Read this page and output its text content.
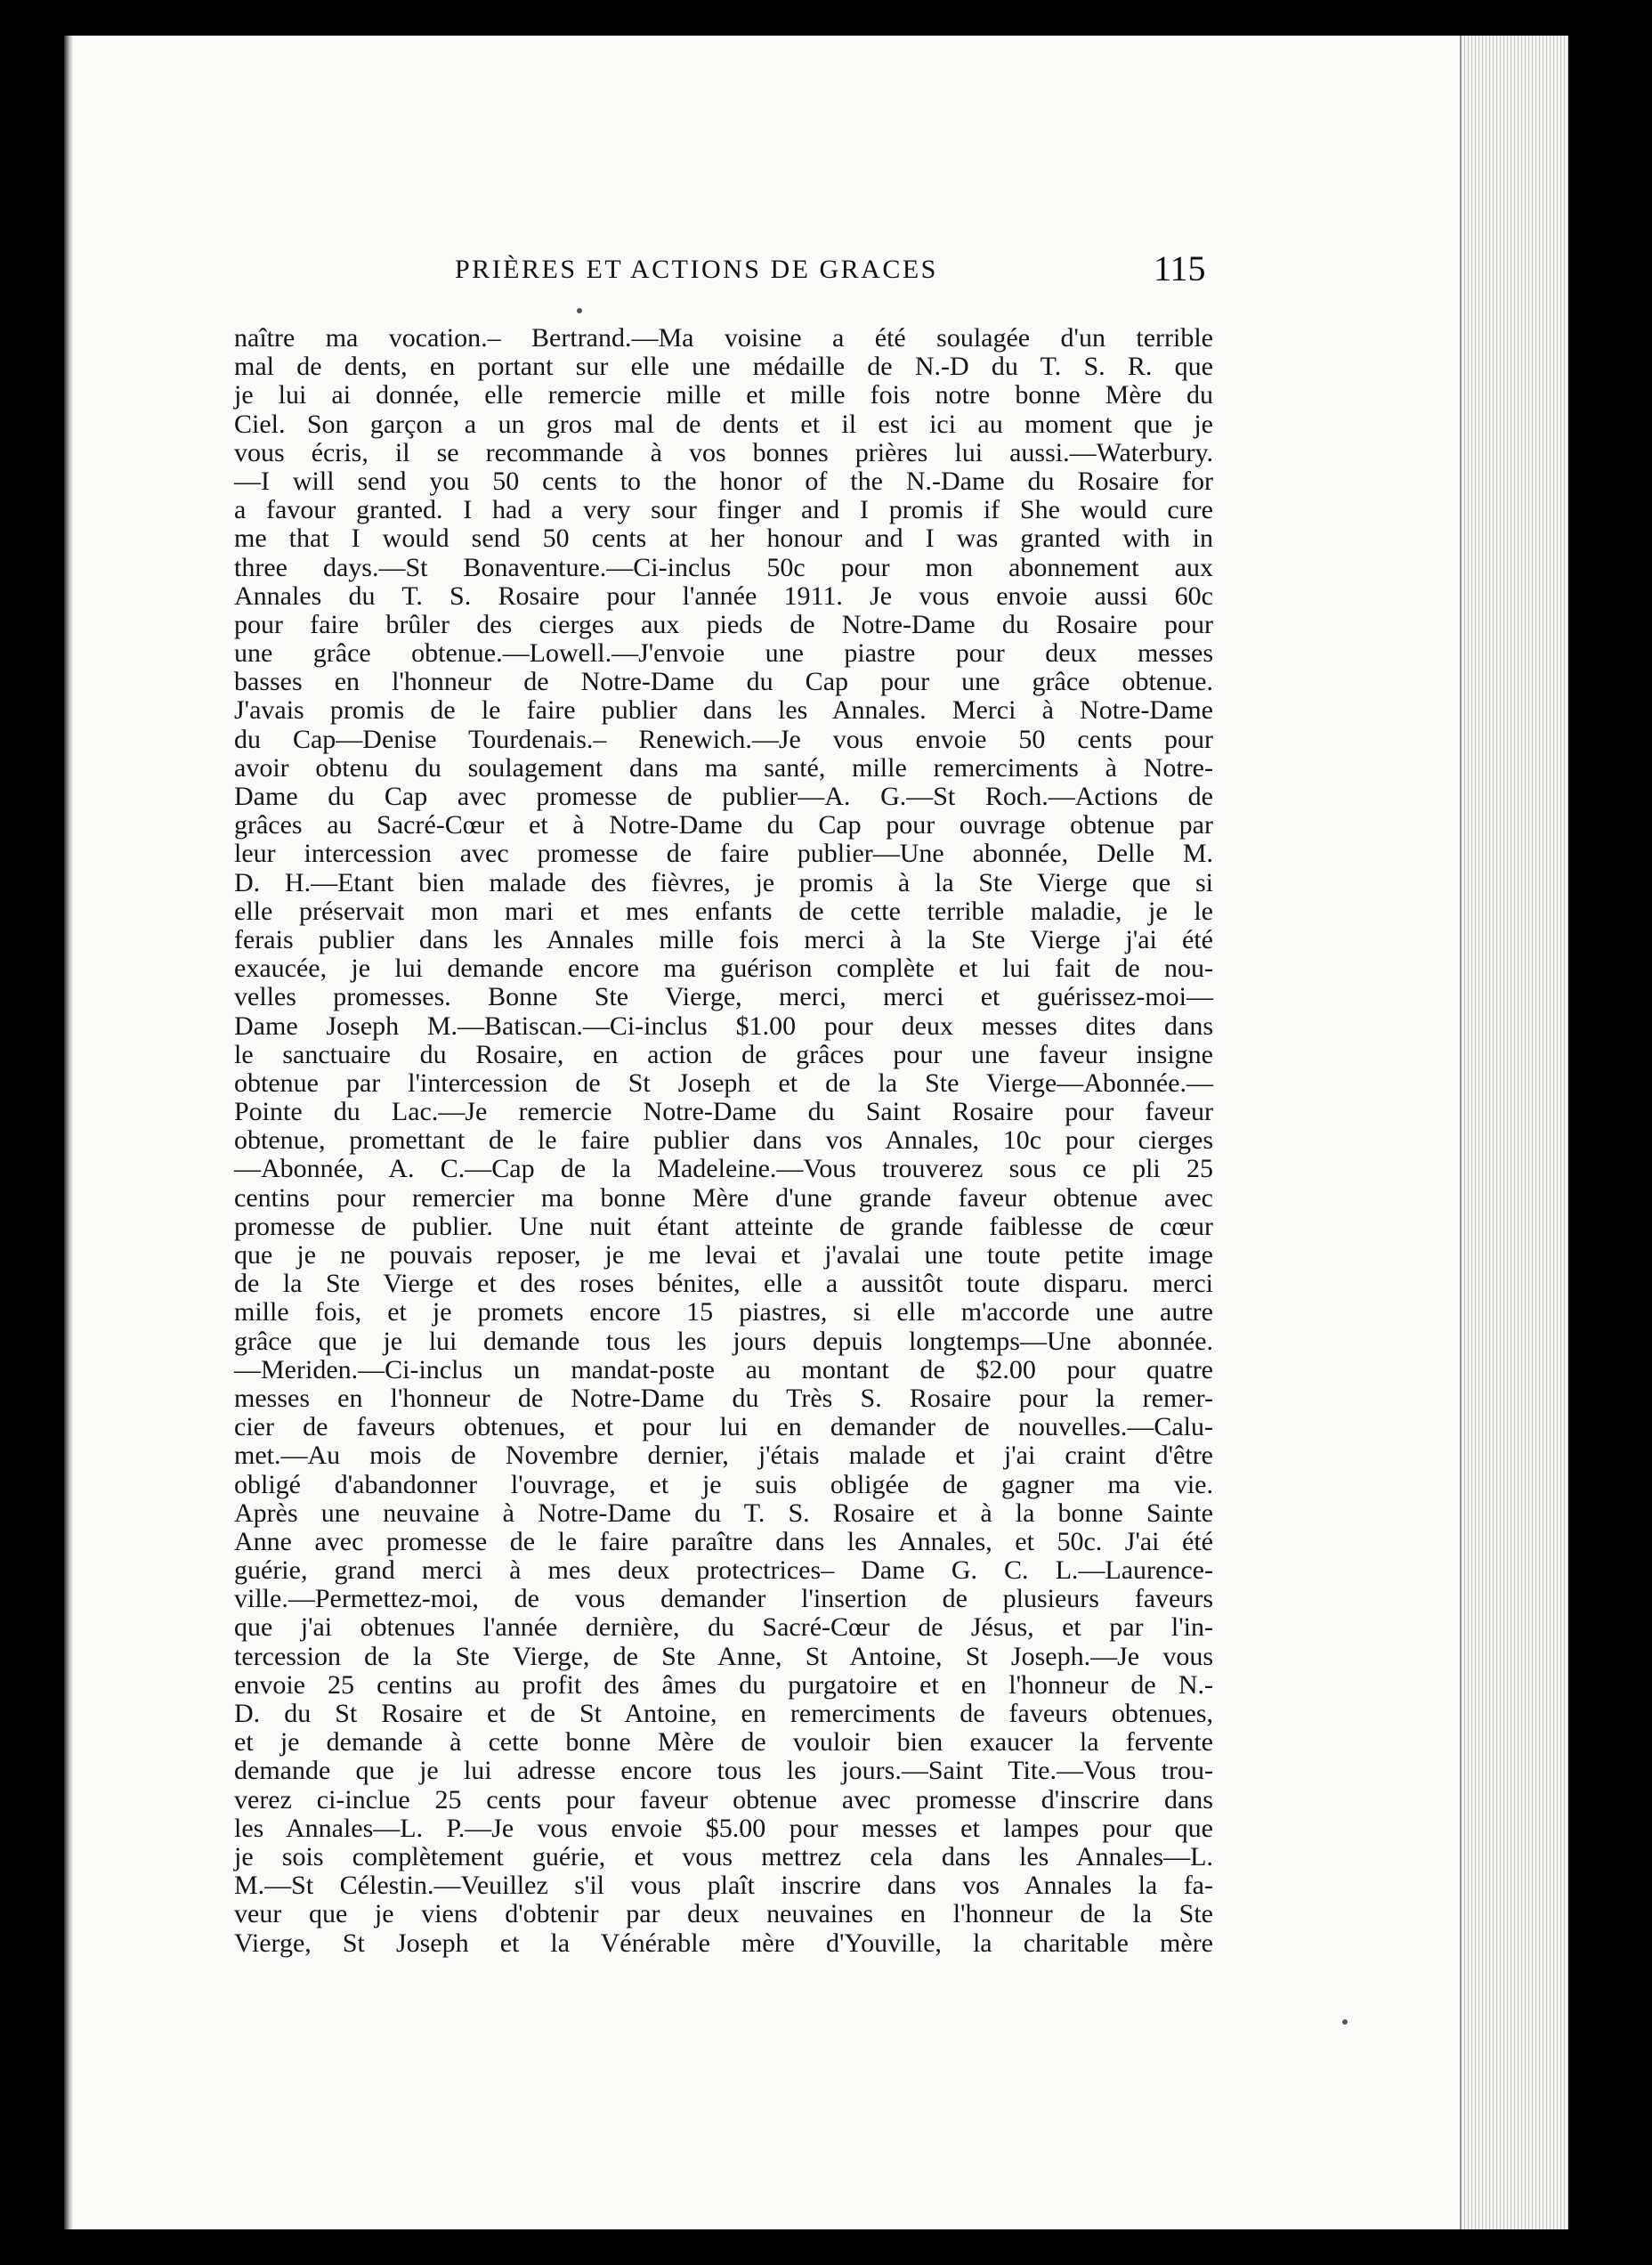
PRIÈRES ET ACTIONS DE GRACES	115
naître ma vocation.– Bertrand.—Ma voisine a été soulagée d'un terrible
mal de dents, en portant sur elle une médaille de N.-D du T. S. R. que
je lui ai donnée, elle remercie mille et mille fois notre bonne Mère du
Ciel. Son garçon a un gros mal de dents et il est ici au moment que je
vous écris, il se recommande à vos bonnes prières lui aussi.—Waterbury.
—I will send you 50 cents to the honor of the N.-Dame du Rosaire for
a favour granted. I had a very sour finger and I promis if She would cure
me that I would send 50 cents at her honour and I was granted with in
three days.—St Bonaventure.—Ci-inclus 50c pour mon abonnement aux
Annales du T. S. Rosaire pour l'année 1911. Je vous envoie aussi 60c
pour faire brûler des cierges aux pieds de Notre-Dame du Rosaire pour
une grâce obtenue.—Lowell.—J'envoie une piastre pour deux messes
basses en l'honneur de Notre-Dame du Cap pour une grâce obtenue.
J'avais promis de le faire publier dans les Annales. Merci à Notre-Dame
du Cap—Denise Tourdenais.– Renewich.—Je vous envoie 50 cents pour
avoir obtenu du soulagement dans ma santé, mille remerciments à Notre-
Dame du Cap avec promesse de publier—A. G.—St Roch.—Actions de
grâces au Sacré-Cœur et à Notre-Dame du Cap pour ouvrage obtenue par
leur intercession avec promesse de faire publier—Une abonnée, Delle M.
D. H.—Etant bien malade des fièvres, je promis à la Ste Vierge que si
elle préservait mon mari et mes enfants de cette terrible maladie, je le
ferais publier dans les Annales mille fois merci à la Ste Vierge j'ai été
exaucée, je lui demande encore ma guérison complète et lui fait de nou-
velles promesses. Bonne Ste Vierge, merci, merci et guérissez-moi—
Dame Joseph M.—Batiscan.—Ci-inclus $1.00 pour deux messes dites dans
le sanctuaire du Rosaire, en action de grâces pour une faveur insigne
obtenue par l'intercession de St Joseph et de la Ste Vierge—Abonnée.—
Pointe du Lac.—Je remercie Notre-Dame du Saint Rosaire pour faveur
obtenue, promettant de le faire publier dans vos Annales, 10c pour cierges
—Abonnée, A. C.—Cap de la Madeleine.—Vous trouverez sous ce pli 25
centins pour remercier ma bonne Mère d'une grande faveur obtenue avec
promesse de publier. Une nuit étant atteinte de grande faiblesse de cœur
que je ne pouvais reposer, je me levai et j'avalai une toute petite image
de la Ste Vierge et des roses bénites, elle a aussitôt toute disparu. merci
mille fois, et je promets encore 15 piastres, si elle m'accorde une autre
grâce que je lui demande tous les jours depuis longtemps—Une abonnée.
—Meriden.—Ci-inclus un mandat-poste au montant de $2.00 pour quatre
messes en l'honneur de Notre-Dame du Très S. Rosaire pour la remer-
cier de faveurs obtenues, et pour lui en demander de nouvelles.—Calu-
met.—Au mois de Novembre dernier, j'étais malade et j'ai craint d'être
obligé d'abandonner l'ouvrage, et je suis obligée de gagner ma vie.
Après une neuvaine à Notre-Dame du T. S. Rosaire et à la bonne Sainte
Anne avec promesse de le faire paraître dans les Annales, et 50c. J'ai été
guérie, grand merci à mes deux protectrices– Dame G. C. L.—Laurence-
ville.—Permettez-moi, de vous demander l'insertion de plusieurs faveurs
que j'ai obtenues l'année dernière, du Sacré-Cœur de Jésus, et par l'in-
tercession de la Ste Vierge, de Ste Anne, St Antoine, St Joseph.—Je vous
envoie 25 centins au profit des âmes du purgatoire et en l'honneur de N.-
D. du St Rosaire et de St Antoine, en remerciments de faveurs obtenues,
et je demande à cette bonne Mère de vouloir bien exaucer la fervente
demande que je lui adresse encore tous les jours.—Saint Tite.—Vous trou-
verez ci-inclue 25 cents pour faveur obtenue avec promesse d'inscrire dans
les Annales—L. P.—Je vous envoie $5.00 pour messes et lampes pour que
je sois complètement guérie, et vous mettrez cela dans les Annales—L.
M.—St Célestin.—Veuillez s'il vous plaît inscrire dans vos Annales la fa-
veur que je viens d'obtenir par deux neuvaines en l'honneur de la Ste
Vierge, St Joseph et la Vénérable mère d'Youville, la charitable mère
